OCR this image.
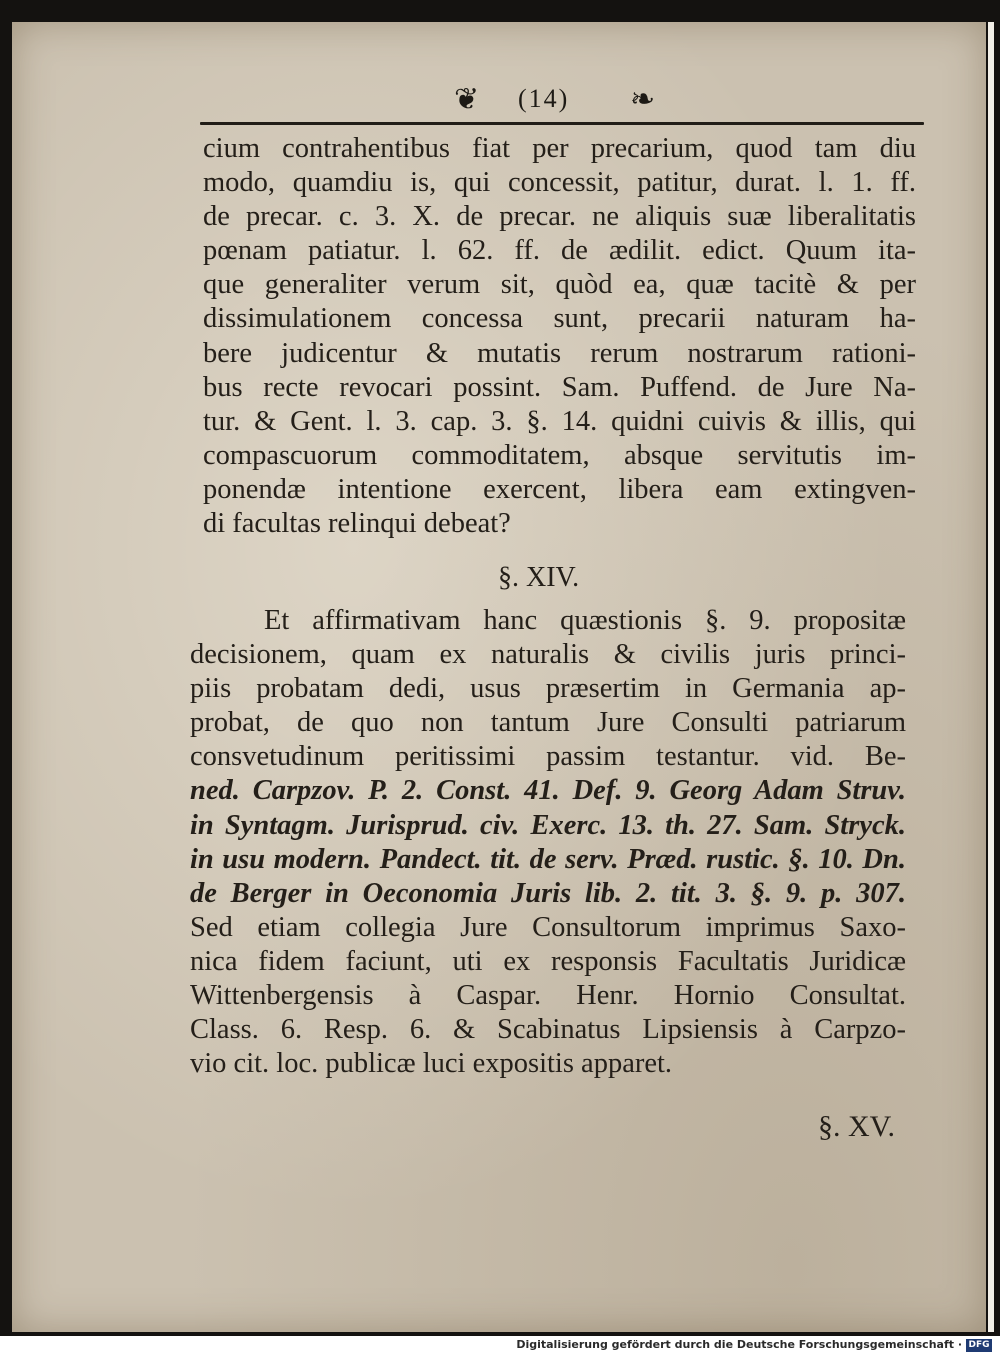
❦ (14) ❧
cium contrahentibus fiat per precarium, quod tam diu
modo, quamdiu is, qui concessit, patitur, durat. l. 1. ff.
de precar. c. 3. X. de precar. ne aliquis suæ liberalitatis
pœnam patiatur. l. 62. ff. de ædilit. edict. Quum ita-
que generaliter verum sit, quòd ea, quæ tacitè & per
dissimulationem concessa sunt, precarii naturam ha-
bere judicentur & mutatis rerum nostrarum rationi-
bus recte revocari possint. Sam. Puffend. de Jure Na-
tur. & Gent. l. 3. cap. 3. §. 14. quidni cuivis & illis, qui
compascuorum commoditatem, absque servitutis im-
ponendæ intentione exercent, libera eam extingven-
di facultas relinqui debeat?
§. XIV.
Et affirmativam hanc quæstionis §. 9. propositæ
decisionem, quam ex naturalis & civilis juris princi-
piis probatam dedi, usus præsertim in Germania ap-
probat, de quo non tantum Jure Consulti patriarum
consvetudinum peritissimi passim testantur. vid. Be-
ned. Carpzov. P. 2. Const. 41. Def. 9. Georg Adam Struv.
in Syntagm. Jurisprud. civ. Exerc. 13. th. 27. Sam. Stryck.
in usu modern. Pandect. tit. de serv. Præd. rustic. §. 10. Dn.
de Berger in Oeconomia Juris lib. 2. tit. 3. §. 9. p. 307.
Sed etiam collegia Jure Consultorum imprimus Saxo-
nica fidem faciunt, uti ex responsis Facultatis Juridicæ
Wittenbergensis à Caspar. Henr. Hornio Consultat.
Class. 6. Resp. 6. & Scabinatus Lipsiensis à Carpzo-
vio cit. loc. publicæ luci expositis apparet.
§. XV.
Digitalisierung gefördert durch die Deutsche Forschungsgemeinschaft · DFG
